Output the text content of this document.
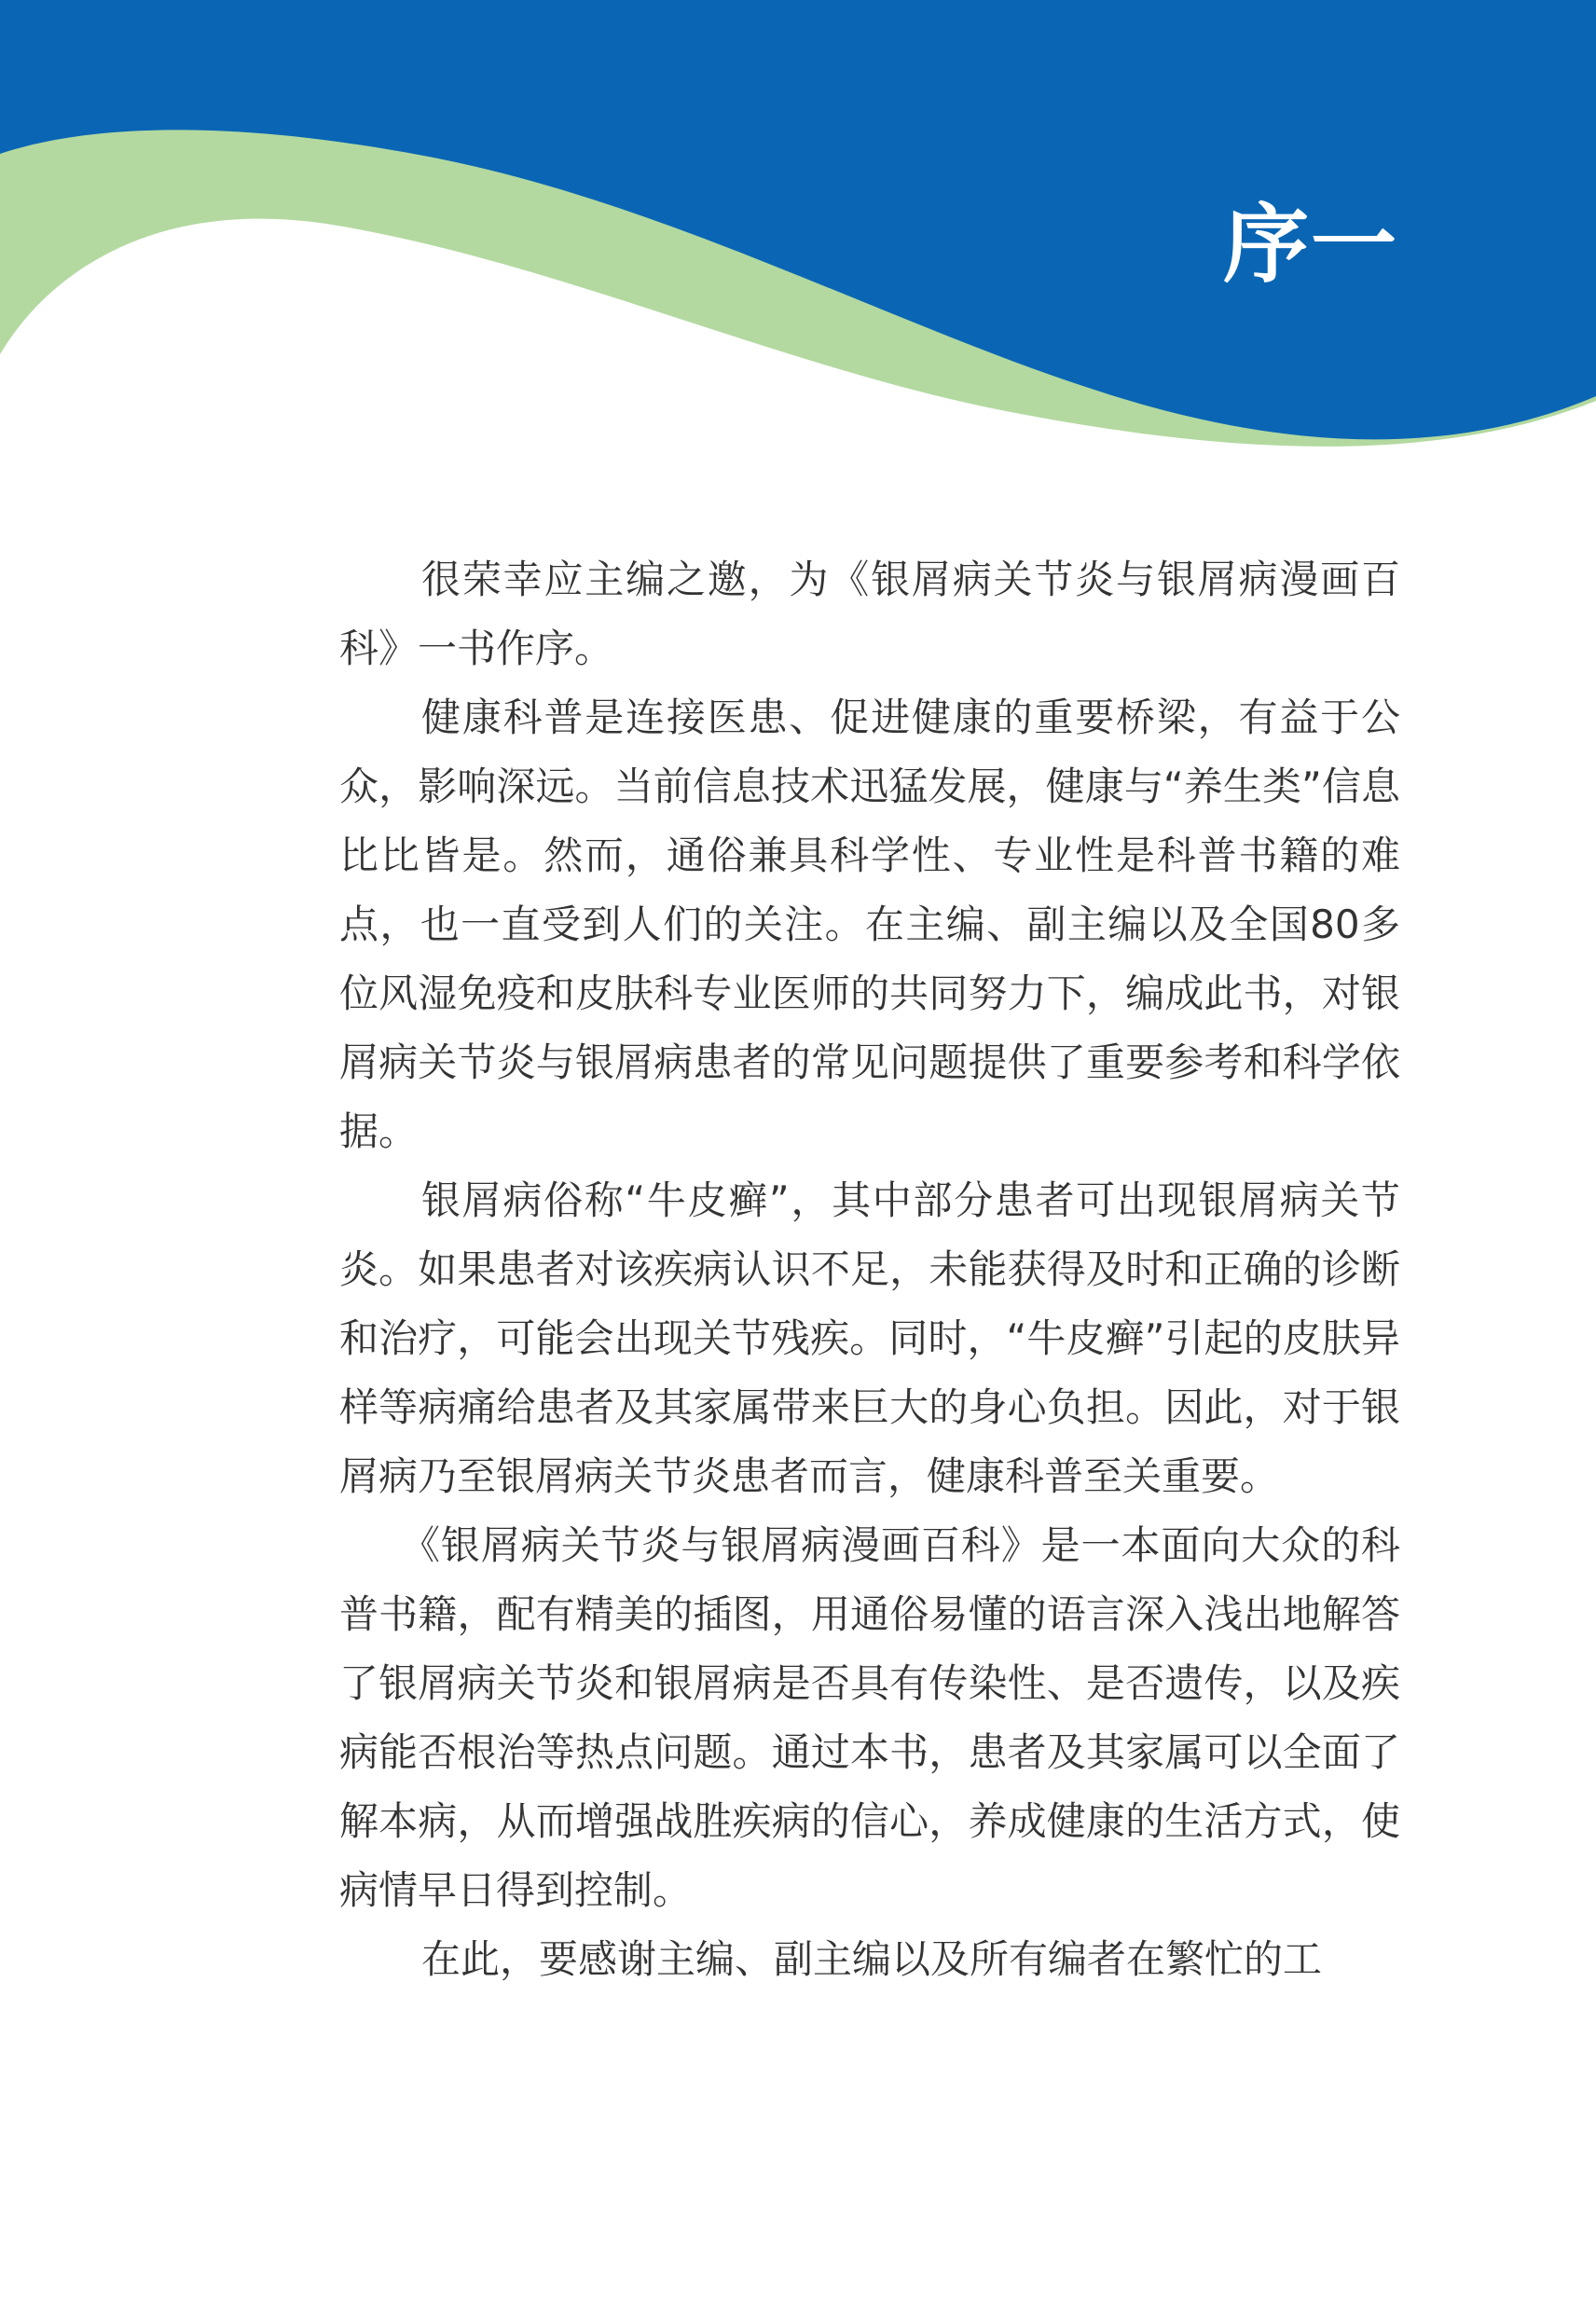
序一

很荣幸应主编之邀，为《银屑病关节炎与银屑病漫画百科》一书作序。

健康科普是连接医患、促进健康的重要桥梁，有益于公众，影响深远。当前信息技术迅猛发展，健康与“养生类”信息比比皆是。然而，通俗兼具科学性、专业性是科普书籍的难点，也一直受到人们的关注。在主编、副主编以及全国80多位风湿免疫和皮肤科专业医师的共同努力下，编成此书，对银屑病关节炎与银屑病患者的常见问题提供了重要参考和科学依据。

银屑病俗称“牛皮癣”，其中部分患者可出现银屑病关节炎。如果患者对该疾病认识不足，未能获得及时和正确的诊断和治疗，可能会出现关节残疾。同时，“牛皮癣”引起的皮肤异样等病痛给患者及其家属带来巨大的身心负担。因此，对于银屑病乃至银屑病关节炎患者而言，健康科普至关重要。

《银屑病关节炎与银屑病漫画百科》是一本面向大众的科普书籍，配有精美的插图，用通俗易懂的语言深入浅出地解答了银屑病关节炎和银屑病是否具有传染性、是否遗传，以及疾病能否根治等热点问题。通过本书，患者及其家属可以全面了解本病，从而增强战胜疾病的信心，养成健康的生活方式，使病情早日得到控制。

在此，要感谢主编、副主编以及所有编者在繁忙的工
